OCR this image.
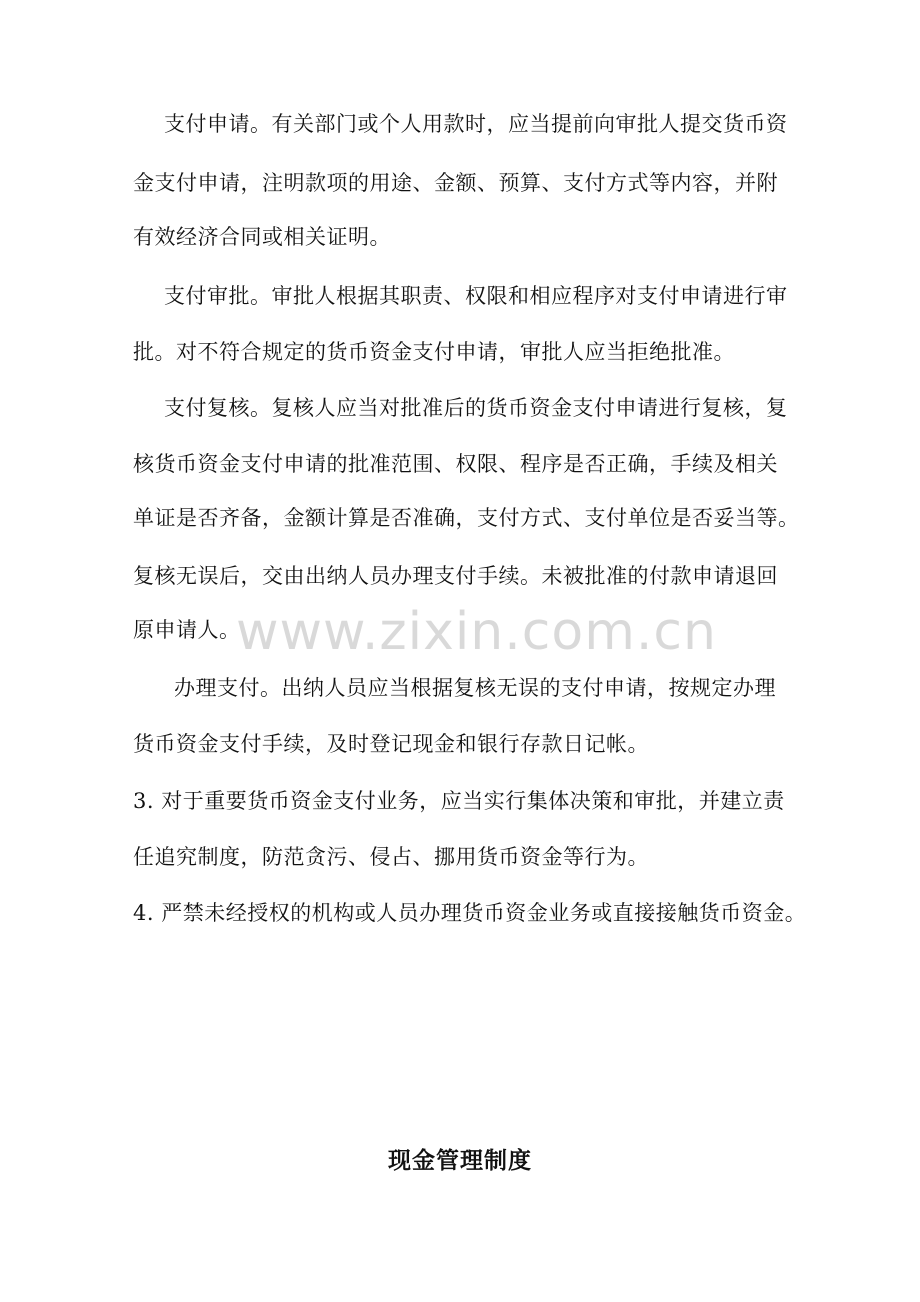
支付申请。有关部门或个人用款时，应当提前向审批人提交货币资
金支付申请，注明款项的用途、金额、预算、支付方式等内容，并附
有效经济合同或相关证明。
支付审批。审批人根据其职责、权限和相应程序对支付申请进行审
批。对不符合规定的货币资金支付申请，审批人应当拒绝批准。
支付复核。复核人应当对批准后的货币资金支付申请进行复核，复
核货币资金支付申请的批准范围、权限、程序是否正确，手续及相关
单证是否齐备，金额计算是否准确，支付方式、支付单位是否妥当等。
复核无误后，交由出纳人员办理支付手续。未被批准的付款申请退回
原申请人。
www.zixin.com.cn
办理支付。出纳人员应当根据复核无误的支付申请，按规定办理
货币资金支付手续，及时登记现金和银行存款日记帐。
3. 对于重要货币资金支付业务，应当实行集体决策和审批，并建立责
任追究制度，防范贪污、侵占、挪用货币资金等行为。
4. 严禁未经授权的机构或人员办理货币资金业务或直接接触货币资金。
现金管理制度
